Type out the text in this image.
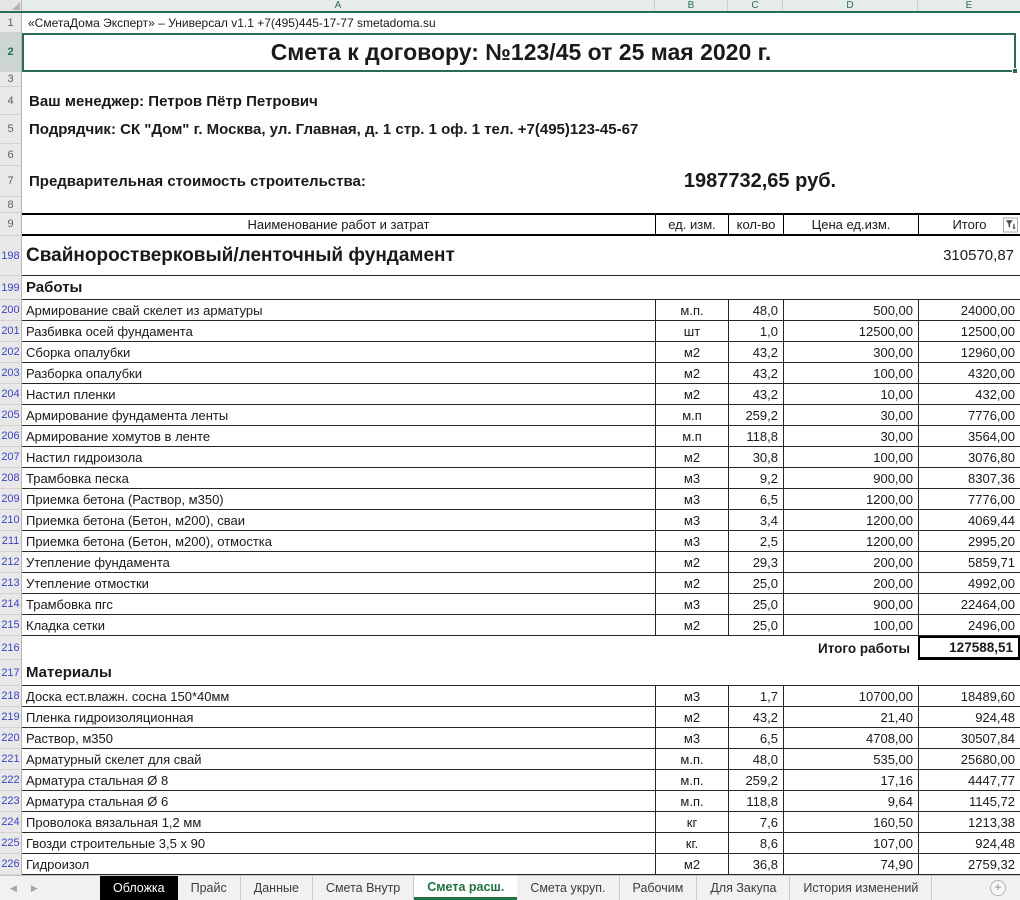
A	B	C	D	E
1	«СметаДома Эксперт» – Универсал v1.1 +7(495)445-17-77 smetadoma.su
2	Смета к договору: №123/45 от 25 мая 2020 г.
3
4	Ваш менеджер: Петров Пётр Петрович
5	Подрядчик: СК "Дом" г. Москва, ул. Главная, д. 1 стр. 1 оф. 1 тел. +7(495)123-45-67
6
7	Предварительная стоимость строительства:	1987732,65 руб.
8
9	Наименование работ и затрат	ед. изм.	кол-во	Цена ед.изм.	Итого
198 Свайноростверковый/ленточный фундамент	310570,87
199 Работы
200 Армирование свай скелет из арматуры	м.п.	48,0	500,00	24000,00
201 Разбивка осей фундамента	шт	1,0	12500,00	12500,00
202 Сборка опалубки	м2	43,2	300,00	12960,00
203 Разборка опалубки	м2	43,2	100,00	4320,00
204 Настил пленки	м2	43,2	10,00	432,00
205 Армирование фундамента ленты	м.п	259,2	30,00	7776,00
206 Армирование хомутов в ленте	м.п	118,8	30,00	3564,00
207 Настил гидроизола	м2	30,8	100,00	3076,80
208 Трамбовка песка	м3	9,2	900,00	8307,36
209 Приемка бетона (Раствор, м350)	м3	6,5	1200,00	7776,00
210 Приемка бетона (Бетон, м200), сваи	м3	3,4	1200,00	4069,44
211 Приемка бетона (Бетон, м200), отмостка	м3	2,5	1200,00	2995,20
212 Утепление фундамента	м2	29,3	200,00	5859,71
213 Утепление отмостки	м2	25,0	200,00	4992,00
214 Трамбовка пгс	м3	25,0	900,00	22464,00
215 Кладка сетки	м2	25,0	100,00	2496,00
216	Итого работы	127588,51
217 Материалы
218 Доска ест.влажн. сосна 150*40мм	м3	1,7	10700,00	18489,60
219 Пленка гидроизоляционная	м2	43,2	21,40	924,48
220 Раствор, м350	м3	6,5	4708,00	30507,84
221 Арматурный скелет для свай	м.п.	48,0	535,00	25680,00
222 Арматура стальная Ø 8	м.п.	259,2	17,16	4447,77
223 Арматура стальная Ø 6	м.п.	118,8	9,64	1145,72
224 Проволока вязальная 1,2 мм	кг	7,6	160,50	1213,38
225 Гвозди строительные 3,5 x 90	кг.	8,6	107,00	924,48
226 Гидроизол	м2	36,8	74,90	2759,32
◀ ▶	Обложка	Прайс	Данные	Смета Внутр	Смета расш.	Смета укруп.	Рабочим	Для Закупа	История изменений	+
